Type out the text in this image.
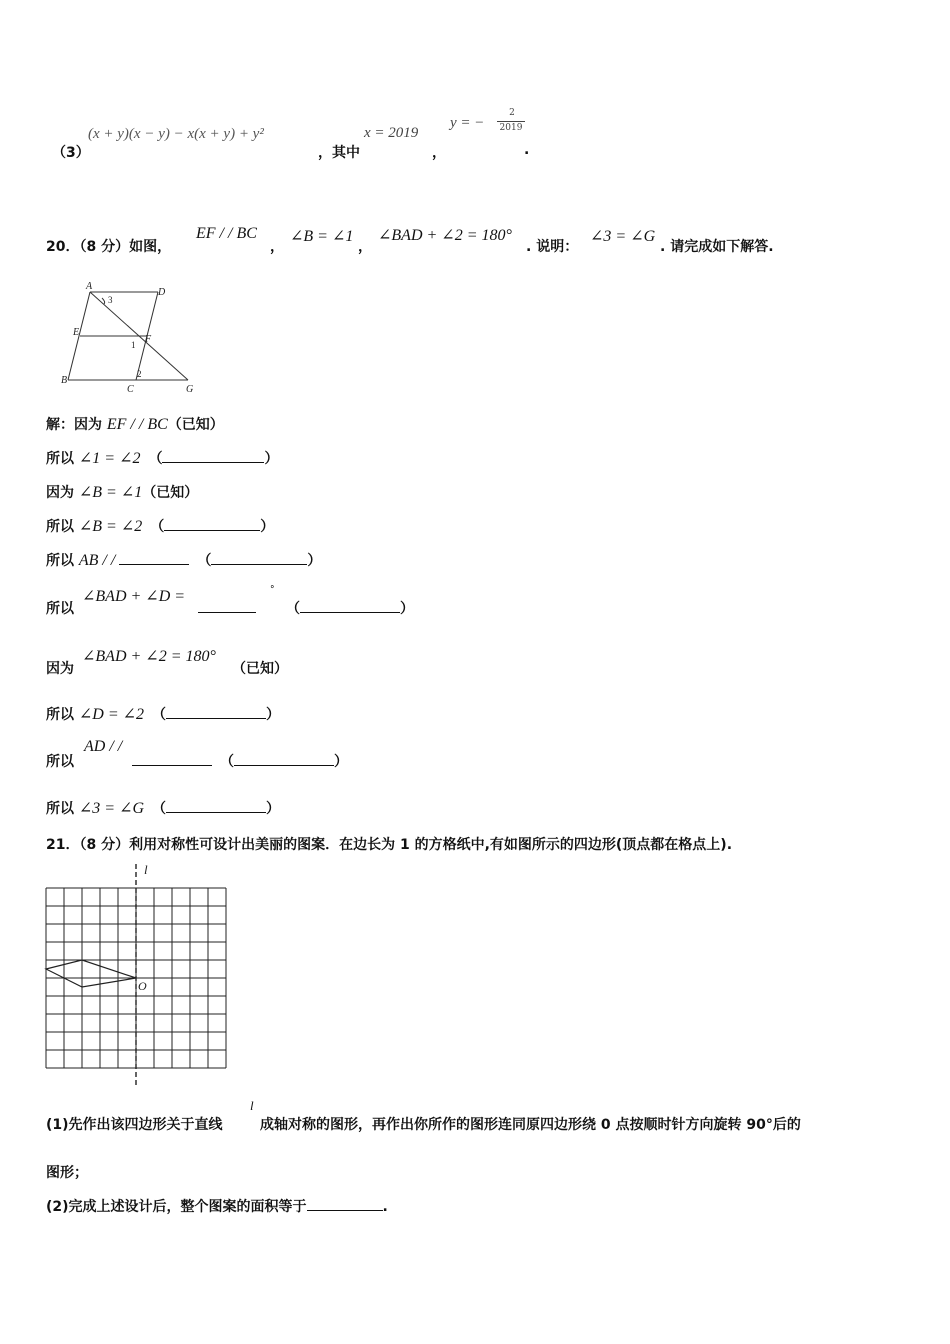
（3）
(x + y)(x − y) − x(x + y) + y²
，其中
x = 2019
，
y = −
2
2019
.
20．（8 分）如图，
EF / / BC
，
∠B = ∠1
，
∠BAD + ∠2 = 180°
. 说明：
∠3 = ∠G
. 请完成如下解答.
A
D
E
F
B
C	G
1
2
3
解：因为 EF / / BC（已知）
所以 ∠1 = ∠2 （	）
因为 ∠B = ∠1（已知）
所以 ∠B = ∠2 （	）
所以 AB / /	（	）
所以
∠BAD + ∠D =	°
（	）
因为
∠BAD + ∠2 = 180°
（已知）
所以 ∠D = ∠2 （	）
所以
AD / /
（	）
所以 ∠3 = ∠G （	）
21．（8 分）利用对称性可设计出美丽的图案．在边长为 1 的方格纸中,有如图所示的四边形(顶点都在格点上).
l
O
(1)先作出该四边形关于直线
l
成轴对称的图形，再作出你所作的图形连同原四边形绕 0 点按顺时针方向旋转 90°后的
图形；
(2)完成上述设计后，整个图案的面积等于	.
